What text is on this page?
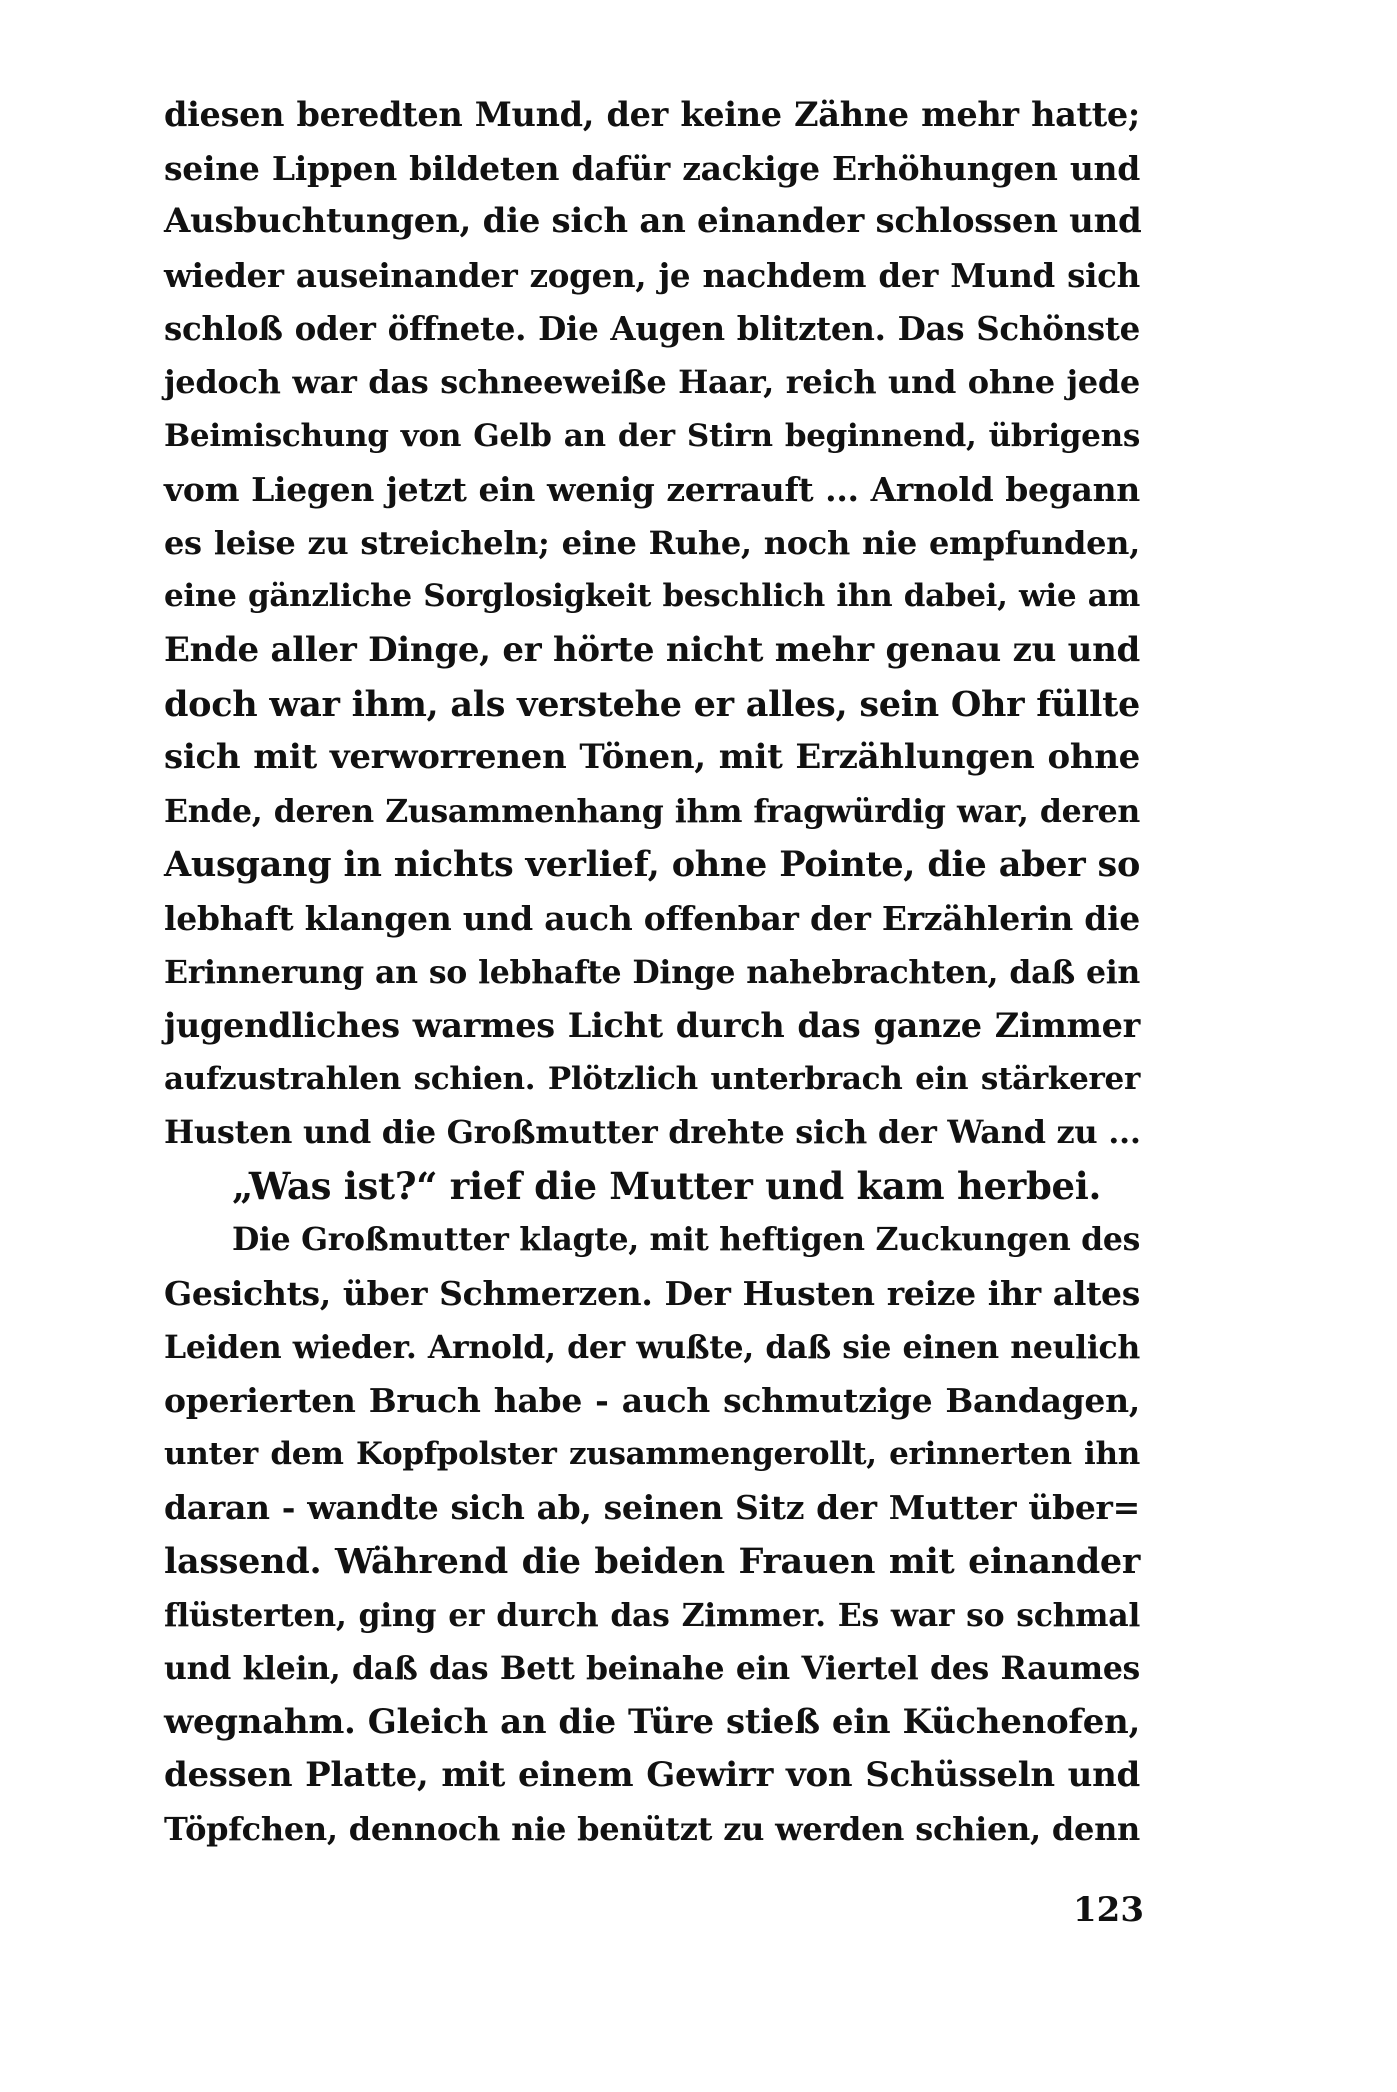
diesen beredten Mund, der keine Zähne mehr hatte;
seine Lippen bildeten dafür zackige Erhöhungen und
Ausbuchtungen, die sich an einander schlossen und
wieder auseinander zogen, je nachdem der Mund sich
schloß oder öffnete. Die Augen blitzten. Das Schönste
jedoch war das schneeweiße Haar, reich und ohne jede
Beimischung von Gelb an der Stirn beginnend, übrigens
vom Liegen jetzt ein wenig zerrauft ... Arnold begann
es leise zu streicheln; eine Ruhe, noch nie empfunden,
eine gänzliche Sorglosigkeit beschlich ihn dabei, wie am
Ende aller Dinge, er hörte nicht mehr genau zu und
doch war ihm, als verstehe er alles, sein Ohr füllte
sich mit verworrenen Tönen, mit Erzählungen ohne
Ende, deren Zusammenhang ihm fragwürdig war, deren
Ausgang in nichts verlief, ohne Pointe, die aber so
lebhaft klangen und auch offenbar der Erzählerin die
Erinnerung an so lebhafte Dinge nahebrachten, daß ein
jugendliches warmes Licht durch das ganze Zimmer
aufzustrahlen schien. Plötzlich unterbrach ein stärkerer
Husten und die Großmutter drehte sich der Wand zu ...
„Was ist?“ rief die Mutter und kam herbei.
Die Großmutter klagte, mit heftigen Zuckungen des
Gesichts, über Schmerzen. Der Husten reize ihr altes
Leiden wieder. Arnold, der wußte, daß sie einen neulich
operierten Bruch habe - auch schmutzige Bandagen,
unter dem Kopfpolster zusammengerollt, erinnerten ihn
daran - wandte sich ab, seinen Sitz der Mutter über=
lassend. Während die beiden Frauen mit einander
flüsterten, ging er durch das Zimmer. Es war so schmal
und klein, daß das Bett beinahe ein Viertel des Raumes
wegnahm. Gleich an die Türe stieß ein Küchenofen,
dessen Platte, mit einem Gewirr von Schüsseln und
Töpfchen, dennoch nie benützt zu werden schien, denn
123
